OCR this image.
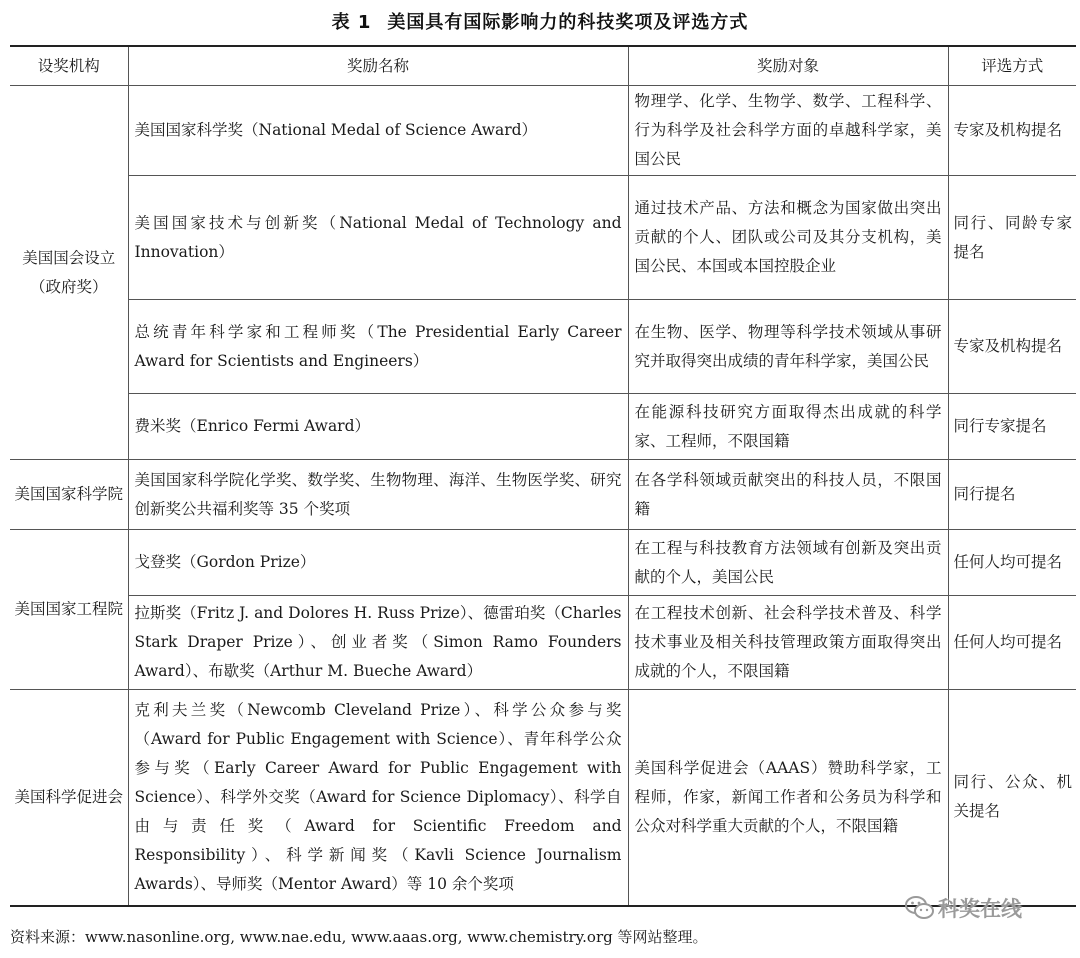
表 1 美国具有国际影响力的科技奖项及评选方式
设奖机构	奖励名称	奖励对象	评选方式
美国国会设立（政府奖）	美国国家科学奖（National Medal of Science Award）	物理学、化学、生物学、数学、工程科学、行为科学及社会科学方面的卓越科学家，美国公民	专家及机构提名
	美国国家技术与创新奖（National Medal of Technology and Innovation）	通过技术产品、方法和概念为国家做出突出贡献的个人、团队或公司及其分支机构，美国公民、本国或本国控股企业	同行、同龄专家提名
	总统青年科学家和工程师奖（The Presidential Early Career Award for Scientists and Engineers）	在生物、医学、物理等科学技术领域从事研究并取得突出成绩的青年科学家，美国公民	专家及机构提名
	费米奖（Enrico Fermi Award）	在能源科技研究方面取得杰出成就的科学家、工程师，不限国籍	同行专家提名
美国国家科学院	美国国家科学院化学奖、数学奖、生物物理、海洋、生物医学奖、研究创新奖公共福利奖等 35 个奖项	在各学科领域贡献突出的科技人员，不限国籍	同行提名
美国国家工程院	戈登奖（Gordon Prize）	在工程与科技教育方法领域有创新及突出贡献的个人，美国公民	任何人均可提名
	拉斯奖（Fritz J. and Dolores H. Russ Prize）、德雷珀奖（Charles Stark Draper Prize）、创业者奖（Simon Ramo Founders Award）、布歇奖（Arthur M. Bueche Award）	在工程技术创新、社会科学技术普及、科学技术事业及相关科技管理政策方面取得突出成就的个人，不限国籍	任何人均可提名
美国科学促进会	克利夫兰奖（Newcomb Cleveland Prize）、科学公众参与奖（Award for Public Engagement with Science）、青年科学公众参与奖（Early Career Award for Public Engagement with Science）、科学外交奖（Award for Science Diplomacy）、科学自由与责任奖（Award for Scientific Freedom and Responsibility）、科学新闻奖（Kavli Science Journalism Awards）、导师奖（Mentor Award）等 10 余个奖项	美国科学促进会（AAAS）赞助科学家，工程师，作家，新闻工作者和公务员为科学和公众对科学重大贡献的个人，不限国籍	同行、公众、机关提名
科奖在线
资料来源：www.nasonline.org, www.nae.edu, www.aaas.org, www.chemistry.org 等网站整理。
